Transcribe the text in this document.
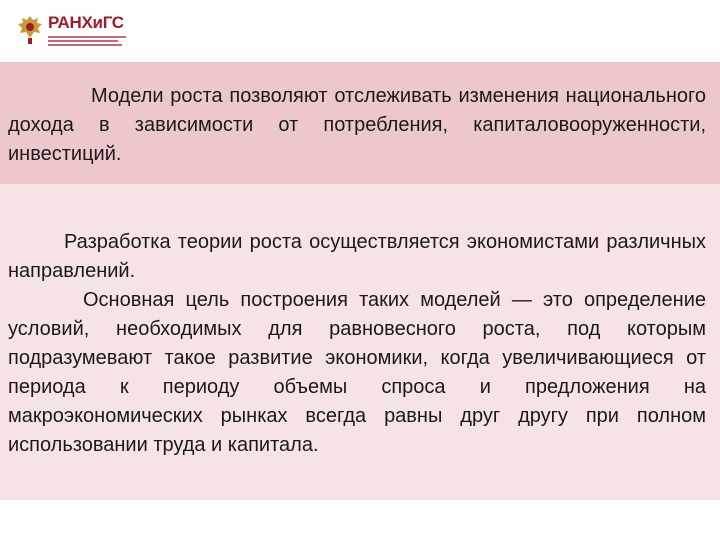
РАНХиГС

Модели роста позволяют отслеживать изменения национального дохода в зависимости от потребления, капиталовооруженности, инвестиций.

Разработка теории роста осуществляется экономистами различных направлений.

Основная цель построения таких моделей — это определение условий, необходимых для равновесного роста, под которым подразумевают такое развитие экономики, когда увеличивающиеся от периода к периоду объемы спроса и предложения на макроэкономических рынках всегда равны друг другу при полном использовании труда и капитала.
